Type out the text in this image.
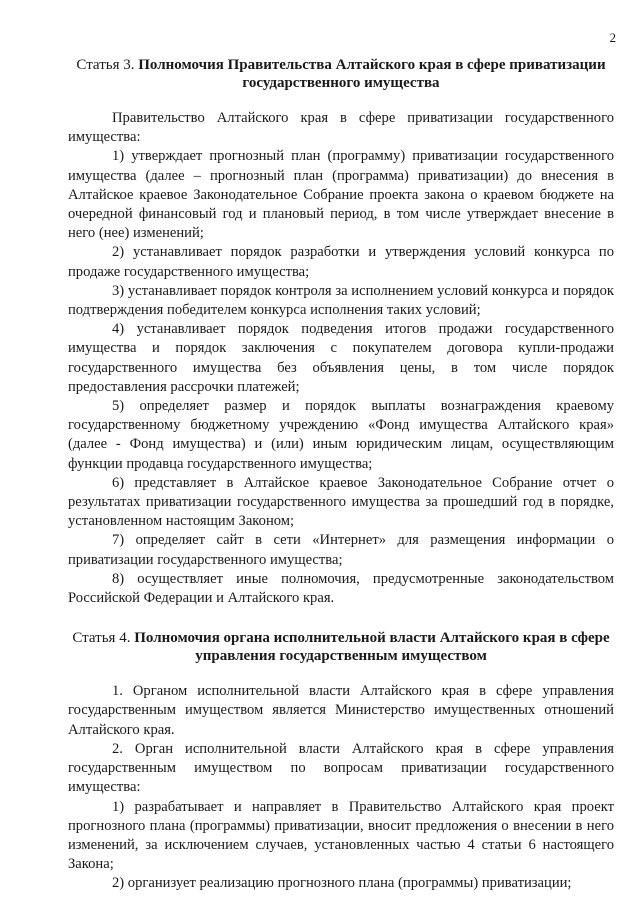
2
Статья 3. Полномочия Правительства Алтайского края в сфере приватизации государственного имущества

Правительство Алтайского края в сфере приватизации государственного имущества:

1) утверждает прогнозный план (программу) приватизации государственного имущества (далее – прогнозный план (программа) приватизации) до внесения в Алтайское краевое Законодательное Собрание проекта закона о краевом бюджете на очередной финансовый год и плановый период, в том числе утверждает внесение в него (нее) изменений;

2) устанавливает порядок разработки и утверждения условий конкурса по продаже государственного имущества;

3) устанавливает порядок контроля за исполнением условий конкурса и порядок подтверждения победителем конкурса исполнения таких условий;

4) устанавливает порядок подведения итогов продажи государственного имущества и порядок заключения с покупателем договора купли-продажи государственного имущества без объявления цены, в том числе порядок предоставления рассрочки платежей;

5) определяет размер и порядок выплаты вознаграждения краевому государственному бюджетному учреждению «Фонд имущества Алтайского края» (далее - Фонд имущества) и (или) иным юридическим лицам, осуществляющим функции продавца государственного имущества;

6) представляет в Алтайское краевое Законодательное Собрание отчет о результатах приватизации государственного имущества за прошедший год в порядке, установленном настоящим Законом;

7) определяет сайт в сети «Интернет» для размещения информации о приватизации государственного имущества;

8) осуществляет иные полномочия, предусмотренные законодательством Российской Федерации и Алтайского края.

Статья 4. Полномочия органа исполнительной власти Алтайского края в сфере управления государственным имуществом

1. Органом исполнительной власти Алтайского края в сфере управления государственным имуществом является Министерство имущественных отношений Алтайского края.

2. Орган исполнительной власти Алтайского края в сфере управления государственным имуществом по вопросам приватизации государственного имущества:

1) разрабатывает и направляет в Правительство Алтайского края проект прогнозного плана (программы) приватизации, вносит предложения о внесении в него изменений, за исключением случаев, установленных частью 4 статьи 6 настоящего Закона;

2) организует реализацию прогнозного плана (программы) приватизации;
